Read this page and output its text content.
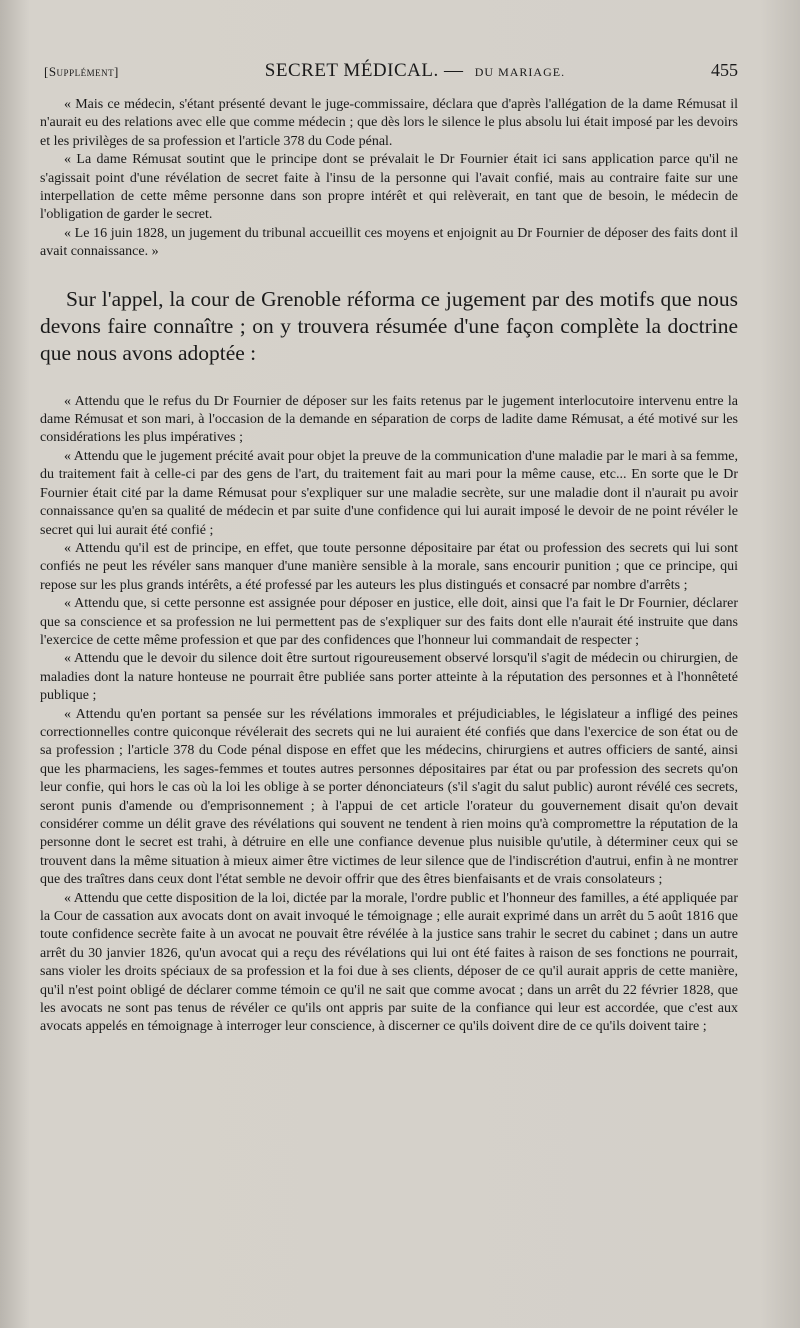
[Supplément]	SECRET MÉDICAL. — DU MARIAGE.	455

« Mais ce médecin, s'étant présenté devant le juge-commissaire, déclara que d'après l'allégation de la dame Rémusat il n'aurait eu des relations avec elle que comme médecin ; que dès lors le silence le plus absolu lui était imposé par les devoirs et les privilèges de sa profession et l'article 378 du Code pénal.

« La dame Rémusat soutint que le principe dont se prévalait le Dr Fournier était ici sans application parce qu'il ne s'agissait point d'une révélation de secret faite à l'insu de la personne qui l'avait confié, mais au contraire faite sur une interpellation de cette même personne dans son propre intérêt et qui relèverait, en tant que de besoin, le médecin de l'obligation de garder le secret.

« Le 16 juin 1828, un jugement du tribunal accueillit ces moyens et enjoignit au Dr Fournier de déposer des faits dont il avait connaissance. »

Sur l'appel, la cour de Grenoble réforma ce jugement par des motifs que nous devons faire connaître ; on y trouvera résumée d'une façon complète la doctrine que nous avons adoptée :

« Attendu que le refus du Dr Fournier de déposer sur les faits retenus par le jugement interlocutoire intervenu entre la dame Rémusat et son mari, à l'occasion de la demande en séparation de corps de ladite dame Rémusat, a été motivé sur les considérations les plus impératives ;

« Attendu que le jugement précité avait pour objet la preuve de la communication d'une maladie par le mari à sa femme, du traitement fait à celle-ci par des gens de l'art, du traitement fait au mari pour la même cause, etc... En sorte que le Dr Fournier était cité par la dame Rémusat pour s'expliquer sur une maladie secrète, sur une maladie dont il n'aurait pu avoir connaissance qu'en sa qualité de médecin et par suite d'une confidence qui lui aurait imposé le devoir de ne point révéler le secret qui lui aurait été confié ;

« Attendu qu'il est de principe, en effet, que toute personne dépositaire par état ou profession des secrets qui lui sont confiés ne peut les révéler sans manquer d'une manière sensible à la morale, sans encourir punition ; que ce principe, qui repose sur les plus grands intérêts, a été professé par les auteurs les plus distingués et consacré par nombre d'arrêts ;

« Attendu que, si cette personne est assignée pour déposer en justice, elle doit, ainsi que l'a fait le Dr Fournier, déclarer que sa conscience et sa profession ne lui permettent pas de s'expliquer sur des faits dont elle n'aurait été instruite que dans l'exercice de cette même profession et que par des confidences que l'honneur lui commandait de respecter ;

« Attendu que le devoir du silence doit être surtout rigoureusement observé lorsqu'il s'agit de médecin ou chirurgien, de maladies dont la nature honteuse ne pourrait être publiée sans porter atteinte à la réputation des personnes et à l'honnêteté publique ;

« Attendu qu'en portant sa pensée sur les révélations immorales et préjudiciables, le législateur a infligé des peines correctionnelles contre quiconque révélerait des secrets qui ne lui auraient été confiés que dans l'exercice de son état ou de sa profession ; l'article 378 du Code pénal dispose en effet que les médecins, chirurgiens et autres officiers de santé, ainsi que les pharmaciens, les sages-femmes et toutes autres personnes dépositaires par état ou par profession des secrets qu'on leur confie, qui hors le cas où la loi les oblige à se porter dénonciateurs (s'il s'agit du salut public) auront révélé ces secrets, seront punis d'amende ou d'emprisonnement ; à l'appui de cet article l'orateur du gouvernement disait qu'on devait considérer comme un délit grave des révélations qui souvent ne tendent à rien moins qu'à compromettre la réputation de la personne dont le secret est trahi, à détruire en elle une confiance devenue plus nuisible qu'utile, à déterminer ceux qui se trouvent dans la même situation à mieux aimer être victimes de leur silence que de l'indiscrétion d'autrui, enfin à ne montrer que des traîtres dans ceux dont l'état semble ne devoir offrir que des êtres bienfaisants et de vrais consolateurs ;

« Attendu que cette disposition de la loi, dictée par la morale, l'ordre public et l'honneur des familles, a été appliquée par la Cour de cassation aux avocats dont on avait invoqué le témoignage ; elle aurait exprimé dans un arrêt du 5 août 1816 que toute confidence secrète faite à un avocat ne pouvait être révélée à la justice sans trahir le secret du cabinet ; dans un autre arrêt du 30 janvier 1826, qu'un avocat qui a reçu des révélations qui lui ont été faites à raison de ses fonctions ne pourrait, sans violer les droits spéciaux de sa profession et la foi due à ses clients, déposer de ce qu'il aurait appris de cette manière, qu'il n'est point obligé de déclarer comme témoin ce qu'il ne sait que comme avocat ; dans un arrêt du 22 février 1828, que les avocats ne sont pas tenus de révéler ce qu'ils ont appris par suite de la confiance qui leur est accordée, que c'est aux avocats appelés en témoignage à interroger leur conscience, à discerner ce qu'ils doivent dire de ce qu'ils doivent taire ;
